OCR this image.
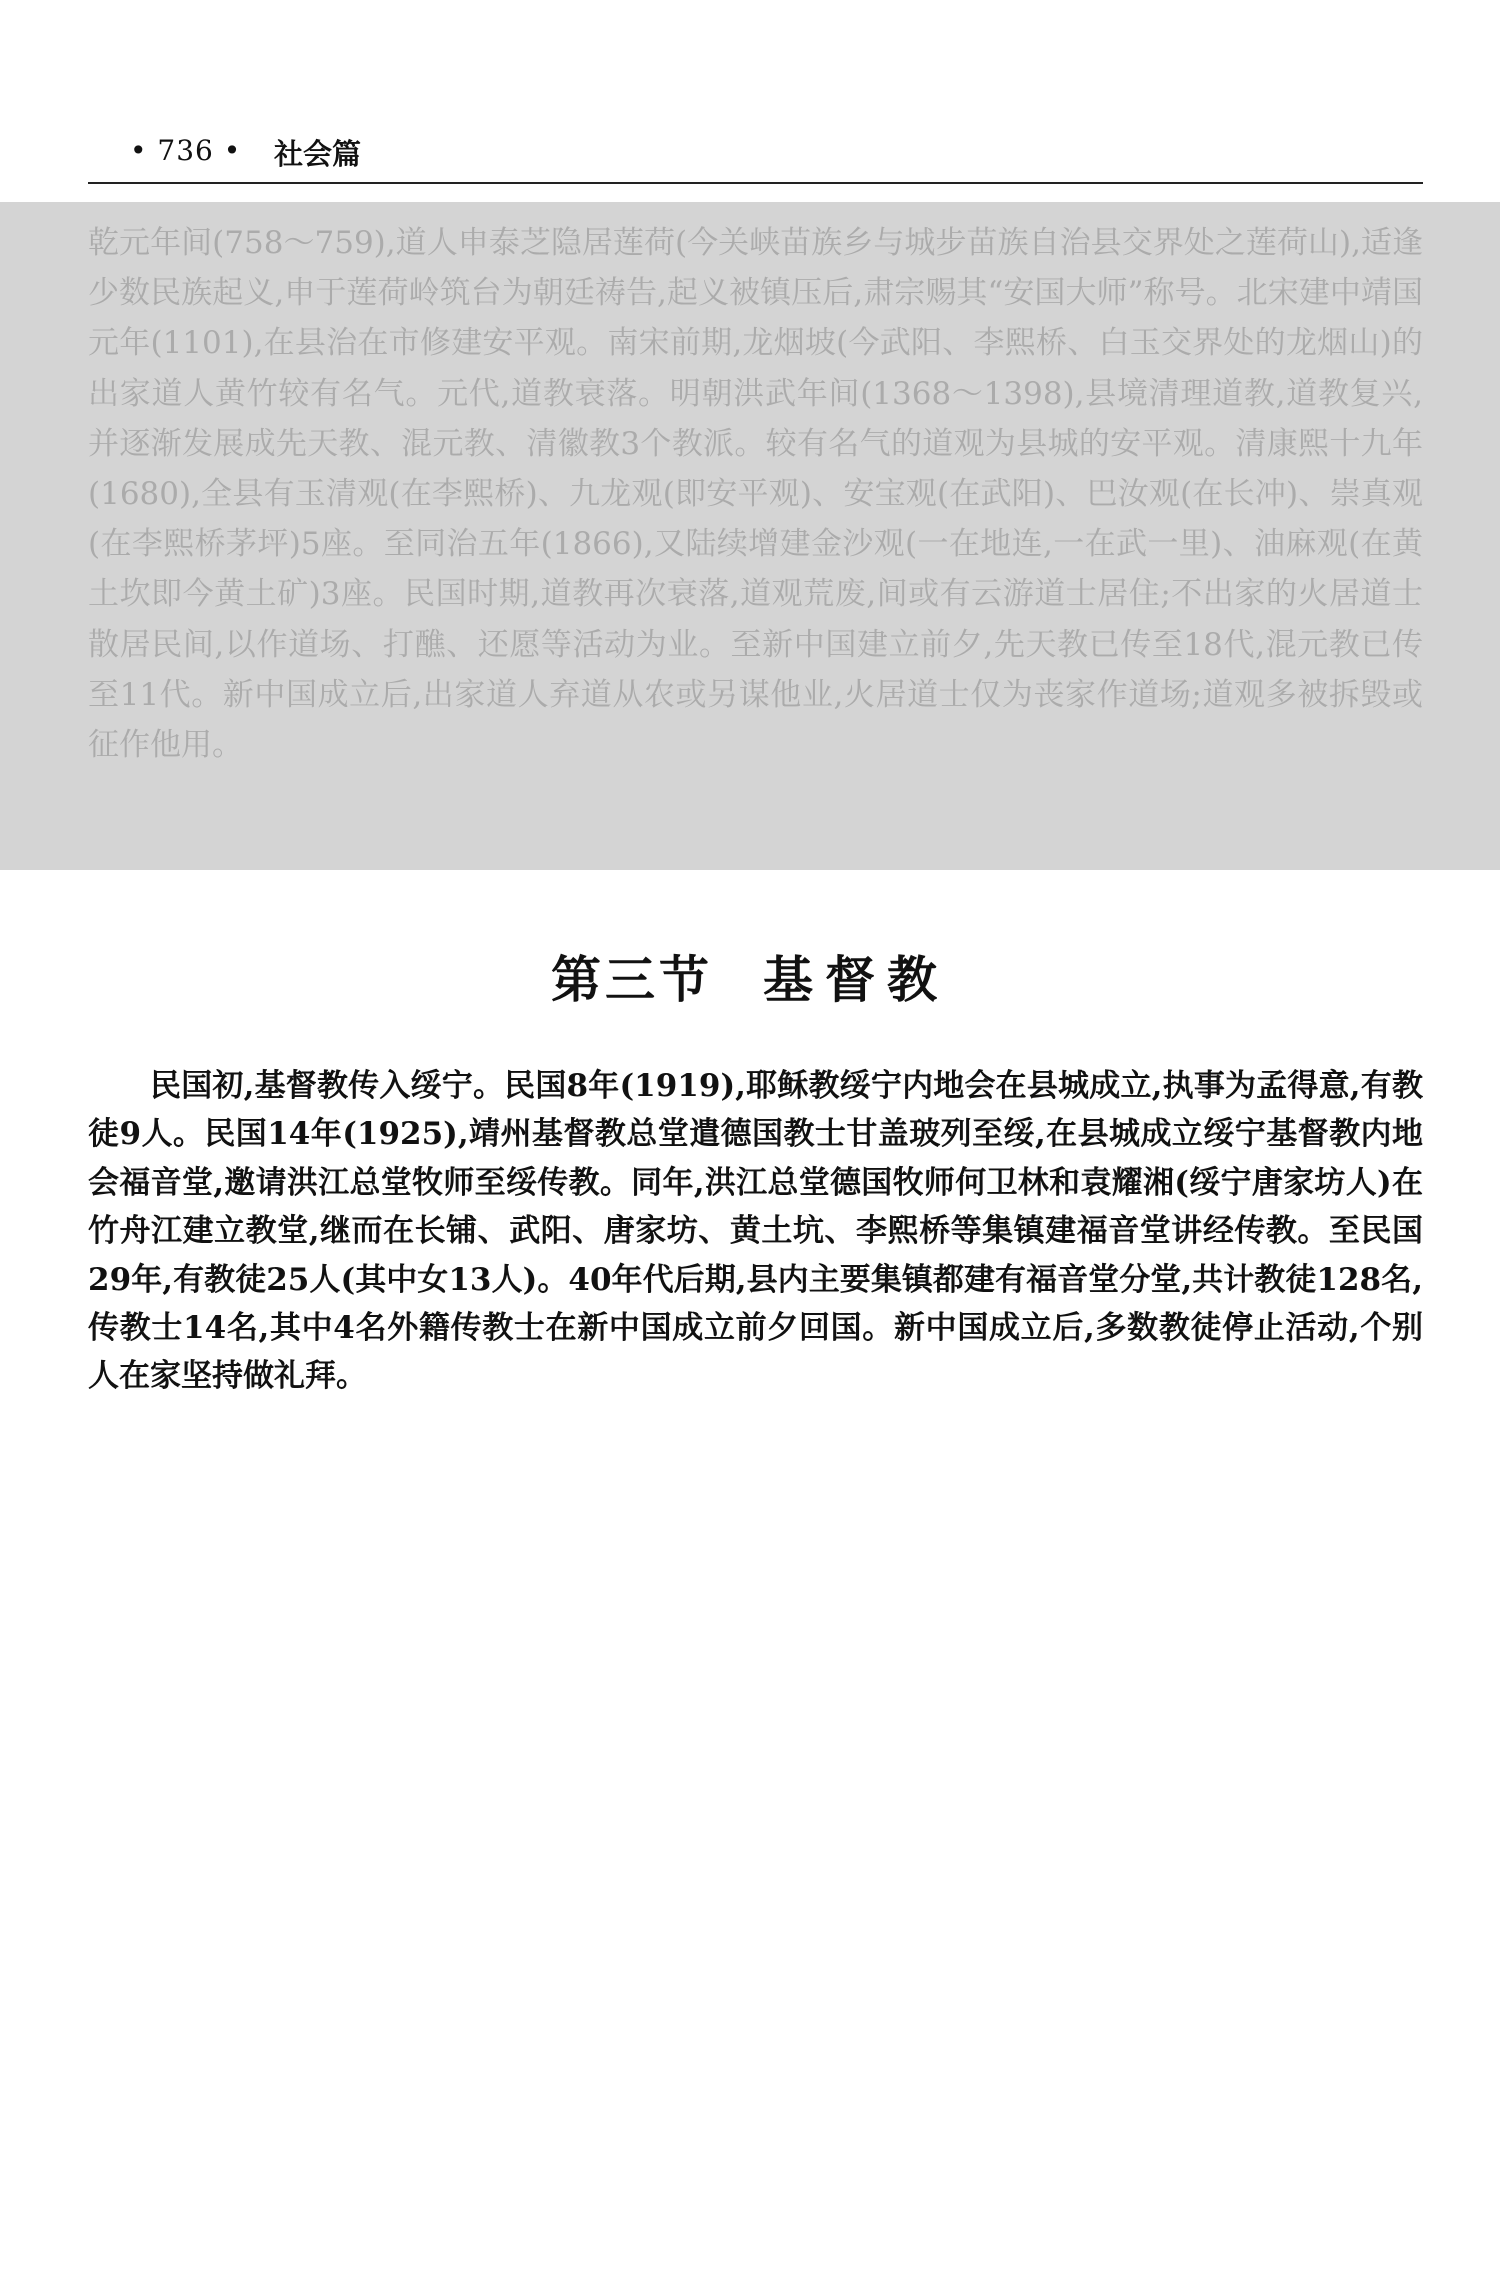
• 736 • 社会篇

乾元年间(758～759),道人申泰芝隐居莲荷(今关峡苗族乡与城步苗族自治县交界处之莲荷山),适逢少数民族起义,申于莲荷岭筑台为朝廷祷告,起义被镇压后,肃宗赐其“安国大师”称号。北宋建中靖国元年(1101),在县治在市修建安平观。南宋前期,龙烟坡(今武阳、李熙桥、白玉交界处的龙烟山)的出家道人黄竹较有名气。元代,道教衰落。明朝洪武年间(1368～1398),县境清理道教,道教复兴,并逐渐发展成先天教、混元教、清徽教3个教派。较有名气的道观为县城的安平观。清康熙十九年(1680),全县有玉清观(在李熙桥)、九龙观(即安平观)、安宝观(在武阳)、巴汝观(在长冲)、崇真观(在李熙桥茅坪)5座。至同治五年(1866),又陆续增建金沙观(一在地连,一在武一里)、油麻观(在黄土坎即今黄土矿)3座。民国时期,道教再次衰落,道观荒废,间或有云游道士居住;不出家的火居道士散居民间,以作道场、打醮、还愿等活动为业。至新中国建立前夕,先天教已传至18代,混元教已传至11代。新中国成立后,出家道人弃道从农或另谋他业,火居道士仅为丧家作道场;道观多被拆毁或征作他用。

第三节 基督教

民国初,基督教传入绥宁。民国8年(1919),耶稣教绥宁内地会在县城成立,执事为孟得意,有教徒9人。民国14年(1925),靖州基督教总堂遣德国教士甘盖玻列至绥,在县城成立绥宁基督教内地会福音堂,邀请洪江总堂牧师至绥传教。同年,洪江总堂德国牧师何卫林和袁耀湘(绥宁唐家坊人)在竹舟江建立教堂,继而在长铺、武阳、唐家坊、黄土坑、李熙桥等集镇建福音堂讲经传教。至民国29年,有教徒25人(其中女13人)。40年代后期,县内主要集镇都建有福音堂分堂,共计教徒128名,传教士14名,其中4名外籍传教士在新中国成立前夕回国。新中国成立后,多数教徒停止活动,个别人在家坚持做礼拜。
